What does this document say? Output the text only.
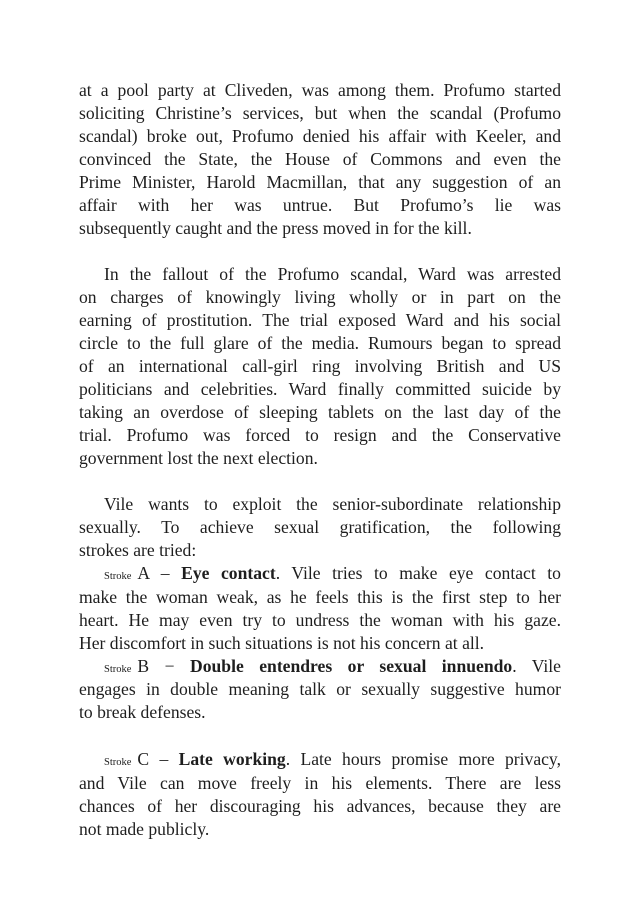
at a pool party at Cliveden, was among them. Profumo started
soliciting Christine’s services, but when the scandal (Profumo
scandal) broke out, Profumo denied his affair with Keeler, and
convinced the State, the House of Commons and even the
Prime Minister, Harold Macmillan, that any suggestion of an
affair with her was untrue. But Profumo’s lie was
subsequently caught and the press moved in for the kill.
In the fallout of the Profumo scandal, Ward was arrested
on charges of knowingly living wholly or in part on the
earning of prostitution. The trial exposed Ward and his social
circle to the full glare of the media. Rumours began to spread
of an international call-girl ring involving British and US
politicians and celebrities. Ward finally committed suicide by
taking an overdose of sleeping tablets on the last day of the
trial. Profumo was forced to resign and the Conservative
government lost the next election.
Vile wants to exploit the senior-subordinate relationship
sexually. To achieve sexual gratification, the following
strokes are tried:
Stroke A – Eye contact. Vile tries to make eye contact to
make the woman weak, as he feels this is the first step to her
heart. He may even try to undress the woman with his gaze.
Her discomfort in such situations is not his concern at all.
Stroke B − Double entendres or sexual innuendo. Vile
engages in double meaning talk or sexually suggestive humor
to break defenses.
Stroke C – Late working. Late hours promise more privacy,
and Vile can move freely in his elements. There are less
chances of her discouraging his advances, because they are
not made publicly.
